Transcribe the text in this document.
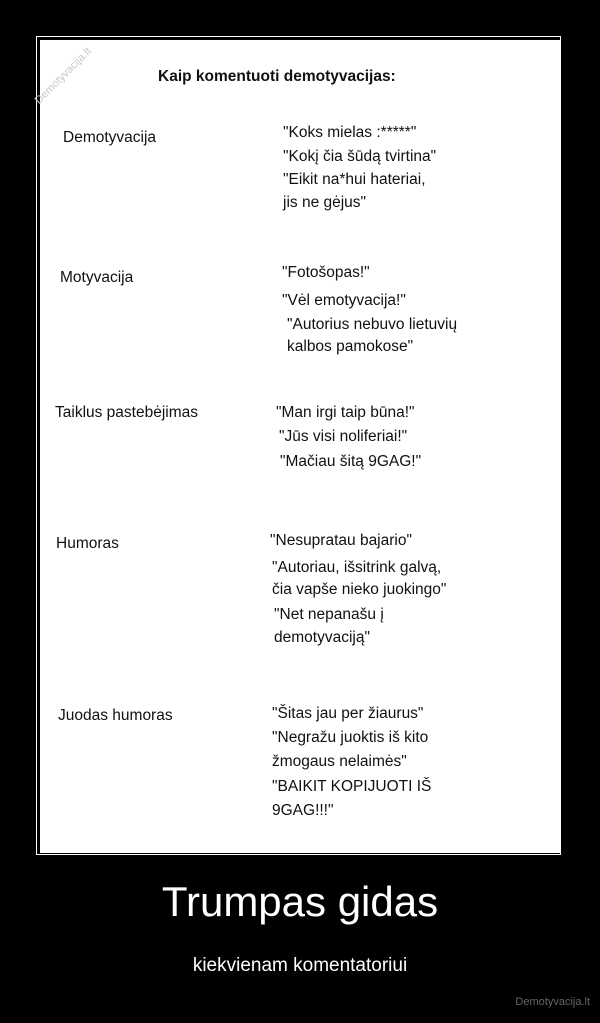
Demotyvacija.lt	Kaip komentuoti demotyvacijas:
Demotyvacija	"Koks mielas :*****"
"Kokį čia šūdą tvirtina"
"Eikit na*hui hateriai,
jis ne gėjus"
Motyvacija	"Fotošopas!"
"Vėl emotyvacija!"
"Autorius nebuvo lietuvių
kalbos pamokose"
Taiklus pastebėjimas	"Man irgi taip būna!"
"Jūs visi noliferiai!"
"Mačiau šitą 9GAG!"
Humoras	"Nesupratau bajario"
"Autoriau, išsitrink galvą,
čia vapše nieko juokingo"
"Net nepanašu į
demotyvaciją"
Juodas humoras	"Šitas jau per žiaurus"
"Negražu juoktis iš kito
žmogaus nelaimės"
"BAIKIT KOPIJUOTI IŠ
9GAG!!!"
Trumpas gidas
kiekvienam komentatoriui
Demotyvacija.lt
